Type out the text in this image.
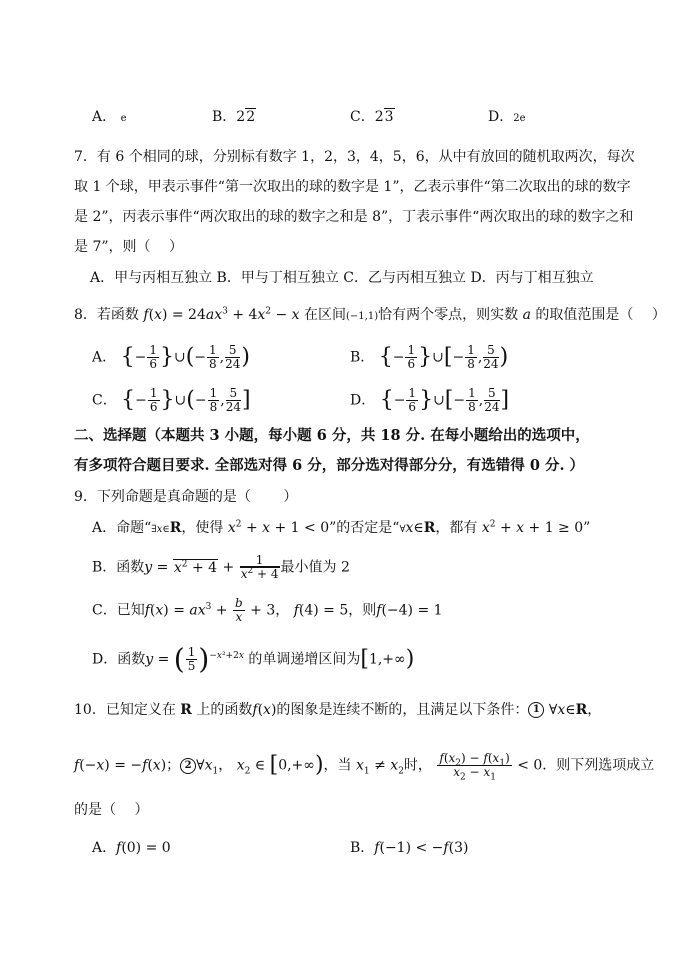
A． e	B．22	C．23	D．2e
7．有 6 个相同的球，分别标有数字 1，2，3，4，5，6，从中有放回的随机取两次，每次
取 1 个球，甲表示事件“第一次取出的球的数字是 1”，乙表示事件“第二次取出的球的数字
是 2”，丙表示事件“两次取出的球的数字之和是 8”，丁表示事件“两次取出的球的数字之和
是 7”，则（　 ）
A．甲与丙相互独立 B．甲与丁相互独立 C．乙与丙相互独立 D．丙与丁相互独立
8．若函数 $f(x) = 24ax^3 + 4x^2 - x$ 在区间(−1,1)恰有两个零点，则实数 a 的取值范围是（　 ）
A． {− $\frac{1}{6}$ }∪(− $\frac{1}{8}$ , $\frac{5}{24}$ )	B． {− $\frac{1}{6}$ }∪[− $\frac{1}{8}$ , $\frac{5}{24}$ )
C． {− $\frac{1}{6}$ }∪(− $\frac{1}{8}$ , $\frac{5}{24}$ ]	D． {− $\frac{1}{6}$ }∪[− $\frac{1}{8}$ , $\frac{5}{24}$ ]
二、选择题（本题共 3 小题，每小题 6 分，共 18 分. 在每小题给出的选项中，
有多项符合题目要求. 全部选对得 6 分，部分选对得部分分，有选错得 0 分. ）
9．下列命题是真命题的是（　　 ）
A．命题“∃x∈R，使得 $x^2 + x + 1 < 0$”的否定是“∀x∈R，都有 $x^2 + x + 1 \ge 0$”
B．函数$y = x^2 + 4 + \frac{1}{x^2 + 4}$ 最小值为 2
C．已知$f(x) = ax^3 + \frac{b}{x} + 3$， f(4) = 5，则f(−4) = 1
D．函数y = ( $\frac{1}{5} )^{-x^2+2x}$ 的单调递增区间为[1,+∞)
10．已知定义在 R 上的函数f(x)的图象是连续不断的，且满足以下条件： 1 ∀x∈R，
f(−x) = −f(x)； 2 $\forall x_1$， $x_2$ ∈ [0,+∞)，当 $x_1 \ne x_2$时， $\frac{f(x_2) - f(x_1)}{x_2 - x_1} < 0$．则下列选项成立
的是（　 ）
A．f(0) = 0	B．f(−1) < −f(3)
